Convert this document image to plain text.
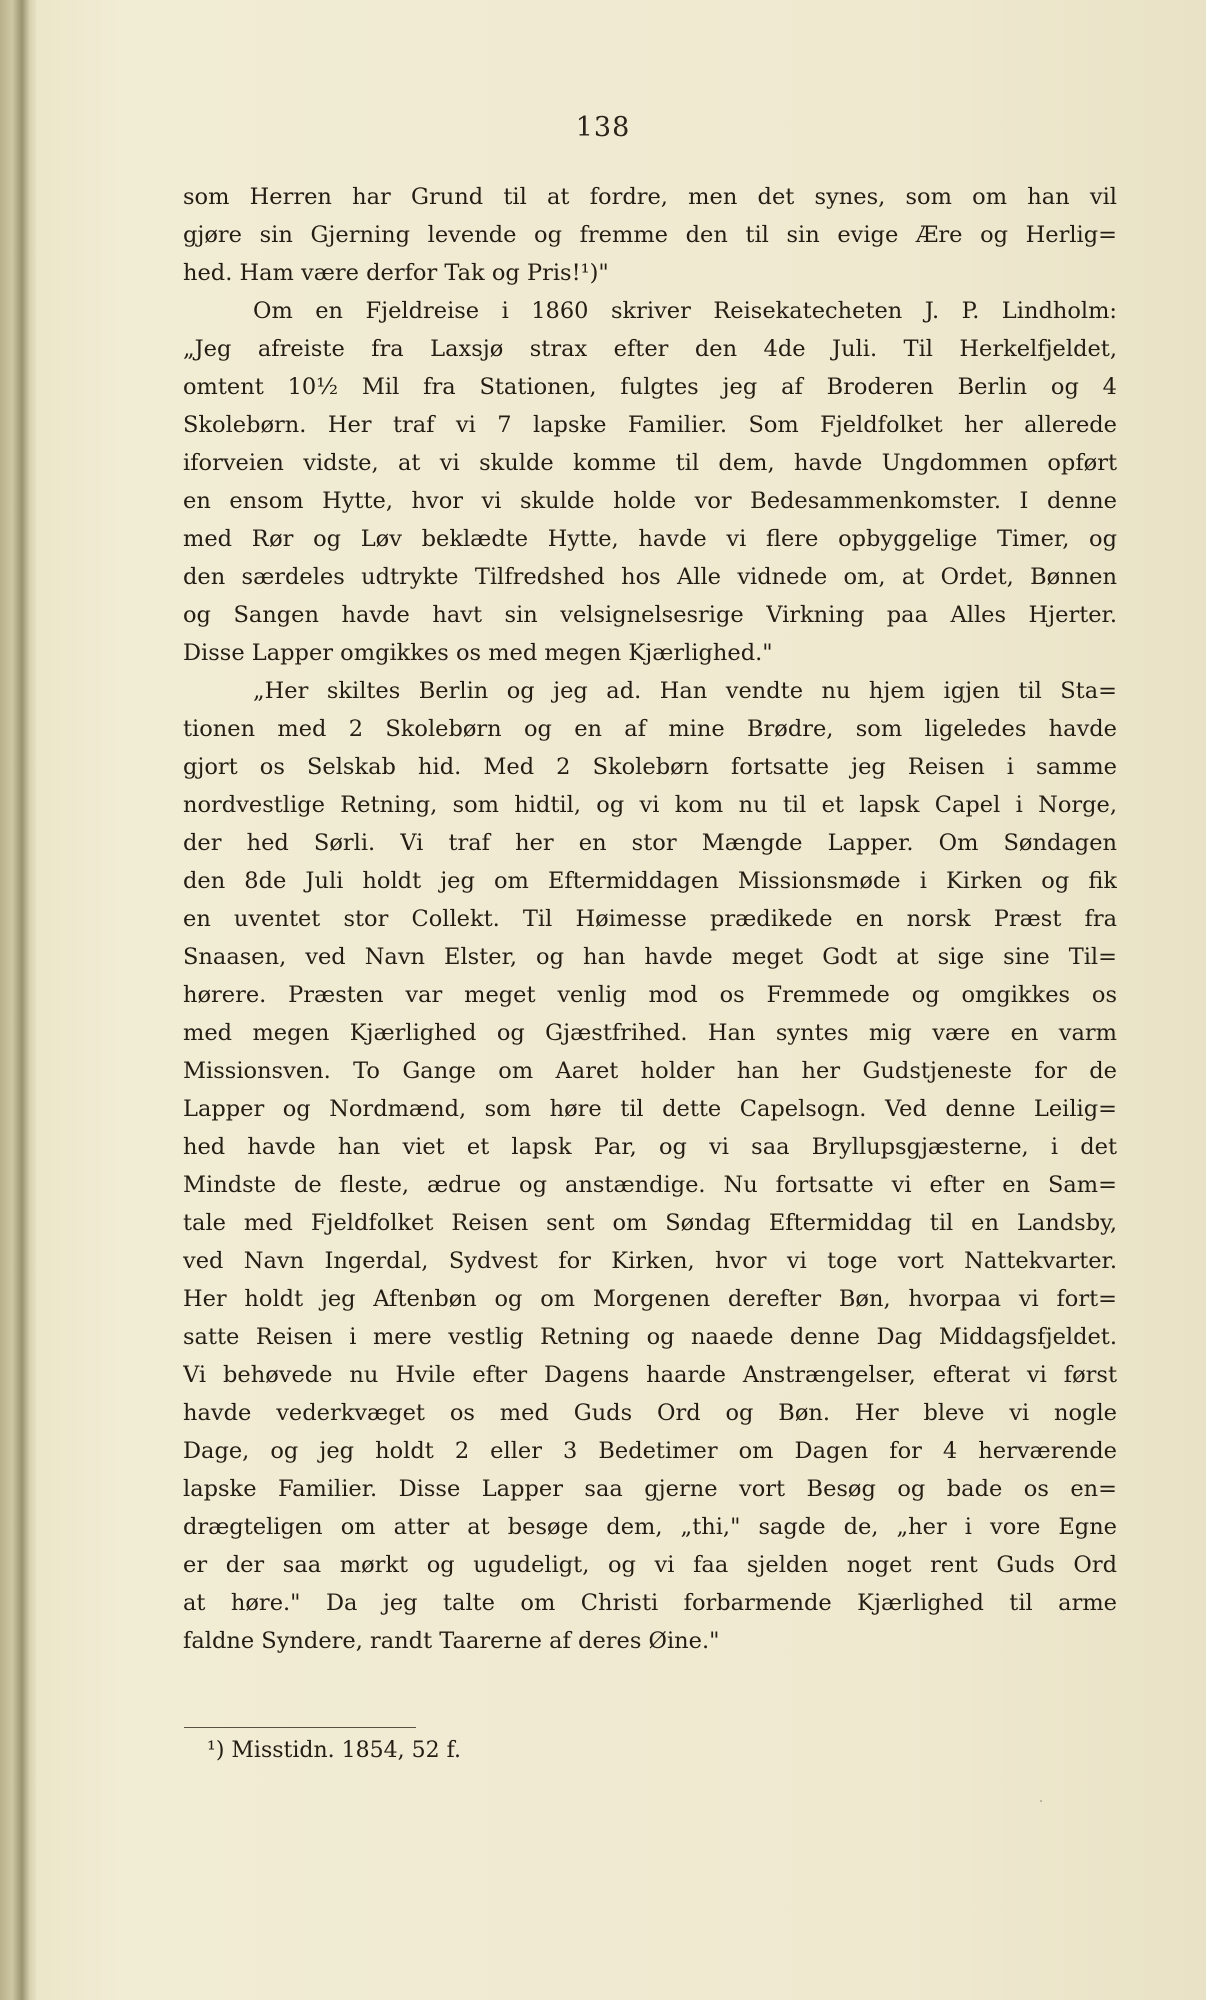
138
som Herren har Grund til at fordre, men det synes, som om han vil
gjøre sin Gjerning levende og fremme den til sin evige Ære og Herlig=
hed. Ham være derfor Tak og Pris!¹)"
Om en Fjeldreise i 1860 skriver Reisekatecheten J. P. Lindholm:
„Jeg afreiste fra Laxsjø strax efter den 4de Juli. Til Herkelfjeldet,
omtent 10½ Mil fra Stationen, fulgtes jeg af Broderen Berlin og 4
Skolebørn. Her traf vi 7 lapske Familier. Som Fjeldfolket her allerede
iforveien vidste, at vi skulde komme til dem, havde Ungdommen opført
en ensom Hytte, hvor vi skulde holde vor Bedesammenkomster. I denne
med Rør og Løv beklædte Hytte, havde vi flere opbyggelige Timer, og
den særdeles udtrykte Tilfredshed hos Alle vidnede om, at Ordet, Bønnen
og Sangen havde havt sin velsignelsesrige Virkning paa Alles Hjerter.
Disse Lapper omgikkes os med megen Kjærlighed."
„Her skiltes Berlin og jeg ad. Han vendte nu hjem igjen til Sta=
tionen med 2 Skolebørn og en af mine Brødre, som ligeledes havde
gjort os Selskab hid. Med 2 Skolebørn fortsatte jeg Reisen i samme
nordvestlige Retning, som hidtil, og vi kom nu til et lapsk Capel i Norge,
der hed Sørli. Vi traf her en stor Mængde Lapper. Om Søndagen
den 8de Juli holdt jeg om Eftermiddagen Missionsmøde i Kirken og fik
en uventet stor Collekt. Til Høimesse prædikede en norsk Præst fra
Snaasen, ved Navn Elster, og han havde meget Godt at sige sine Til=
hørere. Præsten var meget venlig mod os Fremmede og omgikkes os
med megen Kjærlighed og Gjæstfrihed. Han syntes mig være en varm
Missionsven. To Gange om Aaret holder han her Gudstjeneste for de
Lapper og Nordmænd, som høre til dette Capelsogn. Ved denne Leilig=
hed havde han viet et lapsk Par, og vi saa Bryllupsgjæsterne, i det
Mindste de fleste, ædrue og anstændige. Nu fortsatte vi efter en Sam=
tale med Fjeldfolket Reisen sent om Søndag Eftermiddag til en Landsby,
ved Navn Ingerdal, Sydvest for Kirken, hvor vi toge vort Nattekvarter.
Her holdt jeg Aftenbøn og om Morgenen derefter Bøn, hvorpaa vi fort=
satte Reisen i mere vestlig Retning og naaede denne Dag Middagsfjeldet.
Vi behøvede nu Hvile efter Dagens haarde Anstrængelser, efterat vi først
havde vederkvæget os med Guds Ord og Bøn. Her bleve vi nogle
Dage, og jeg holdt 2 eller 3 Bedetimer om Dagen for 4 herværende
lapske Familier. Disse Lapper saa gjerne vort Besøg og bade os en=
drægteligen om atter at besøge dem, „thi," sagde de, „her i vore Egne
er der saa mørkt og ugudeligt, og vi faa sjelden noget rent Guds Ord
at høre." Da jeg talte om Christi forbarmende Kjærlighed til arme
faldne Syndere, randt Taarerne af deres Øine."
¹) Misstidn. 1854, 52 f.
